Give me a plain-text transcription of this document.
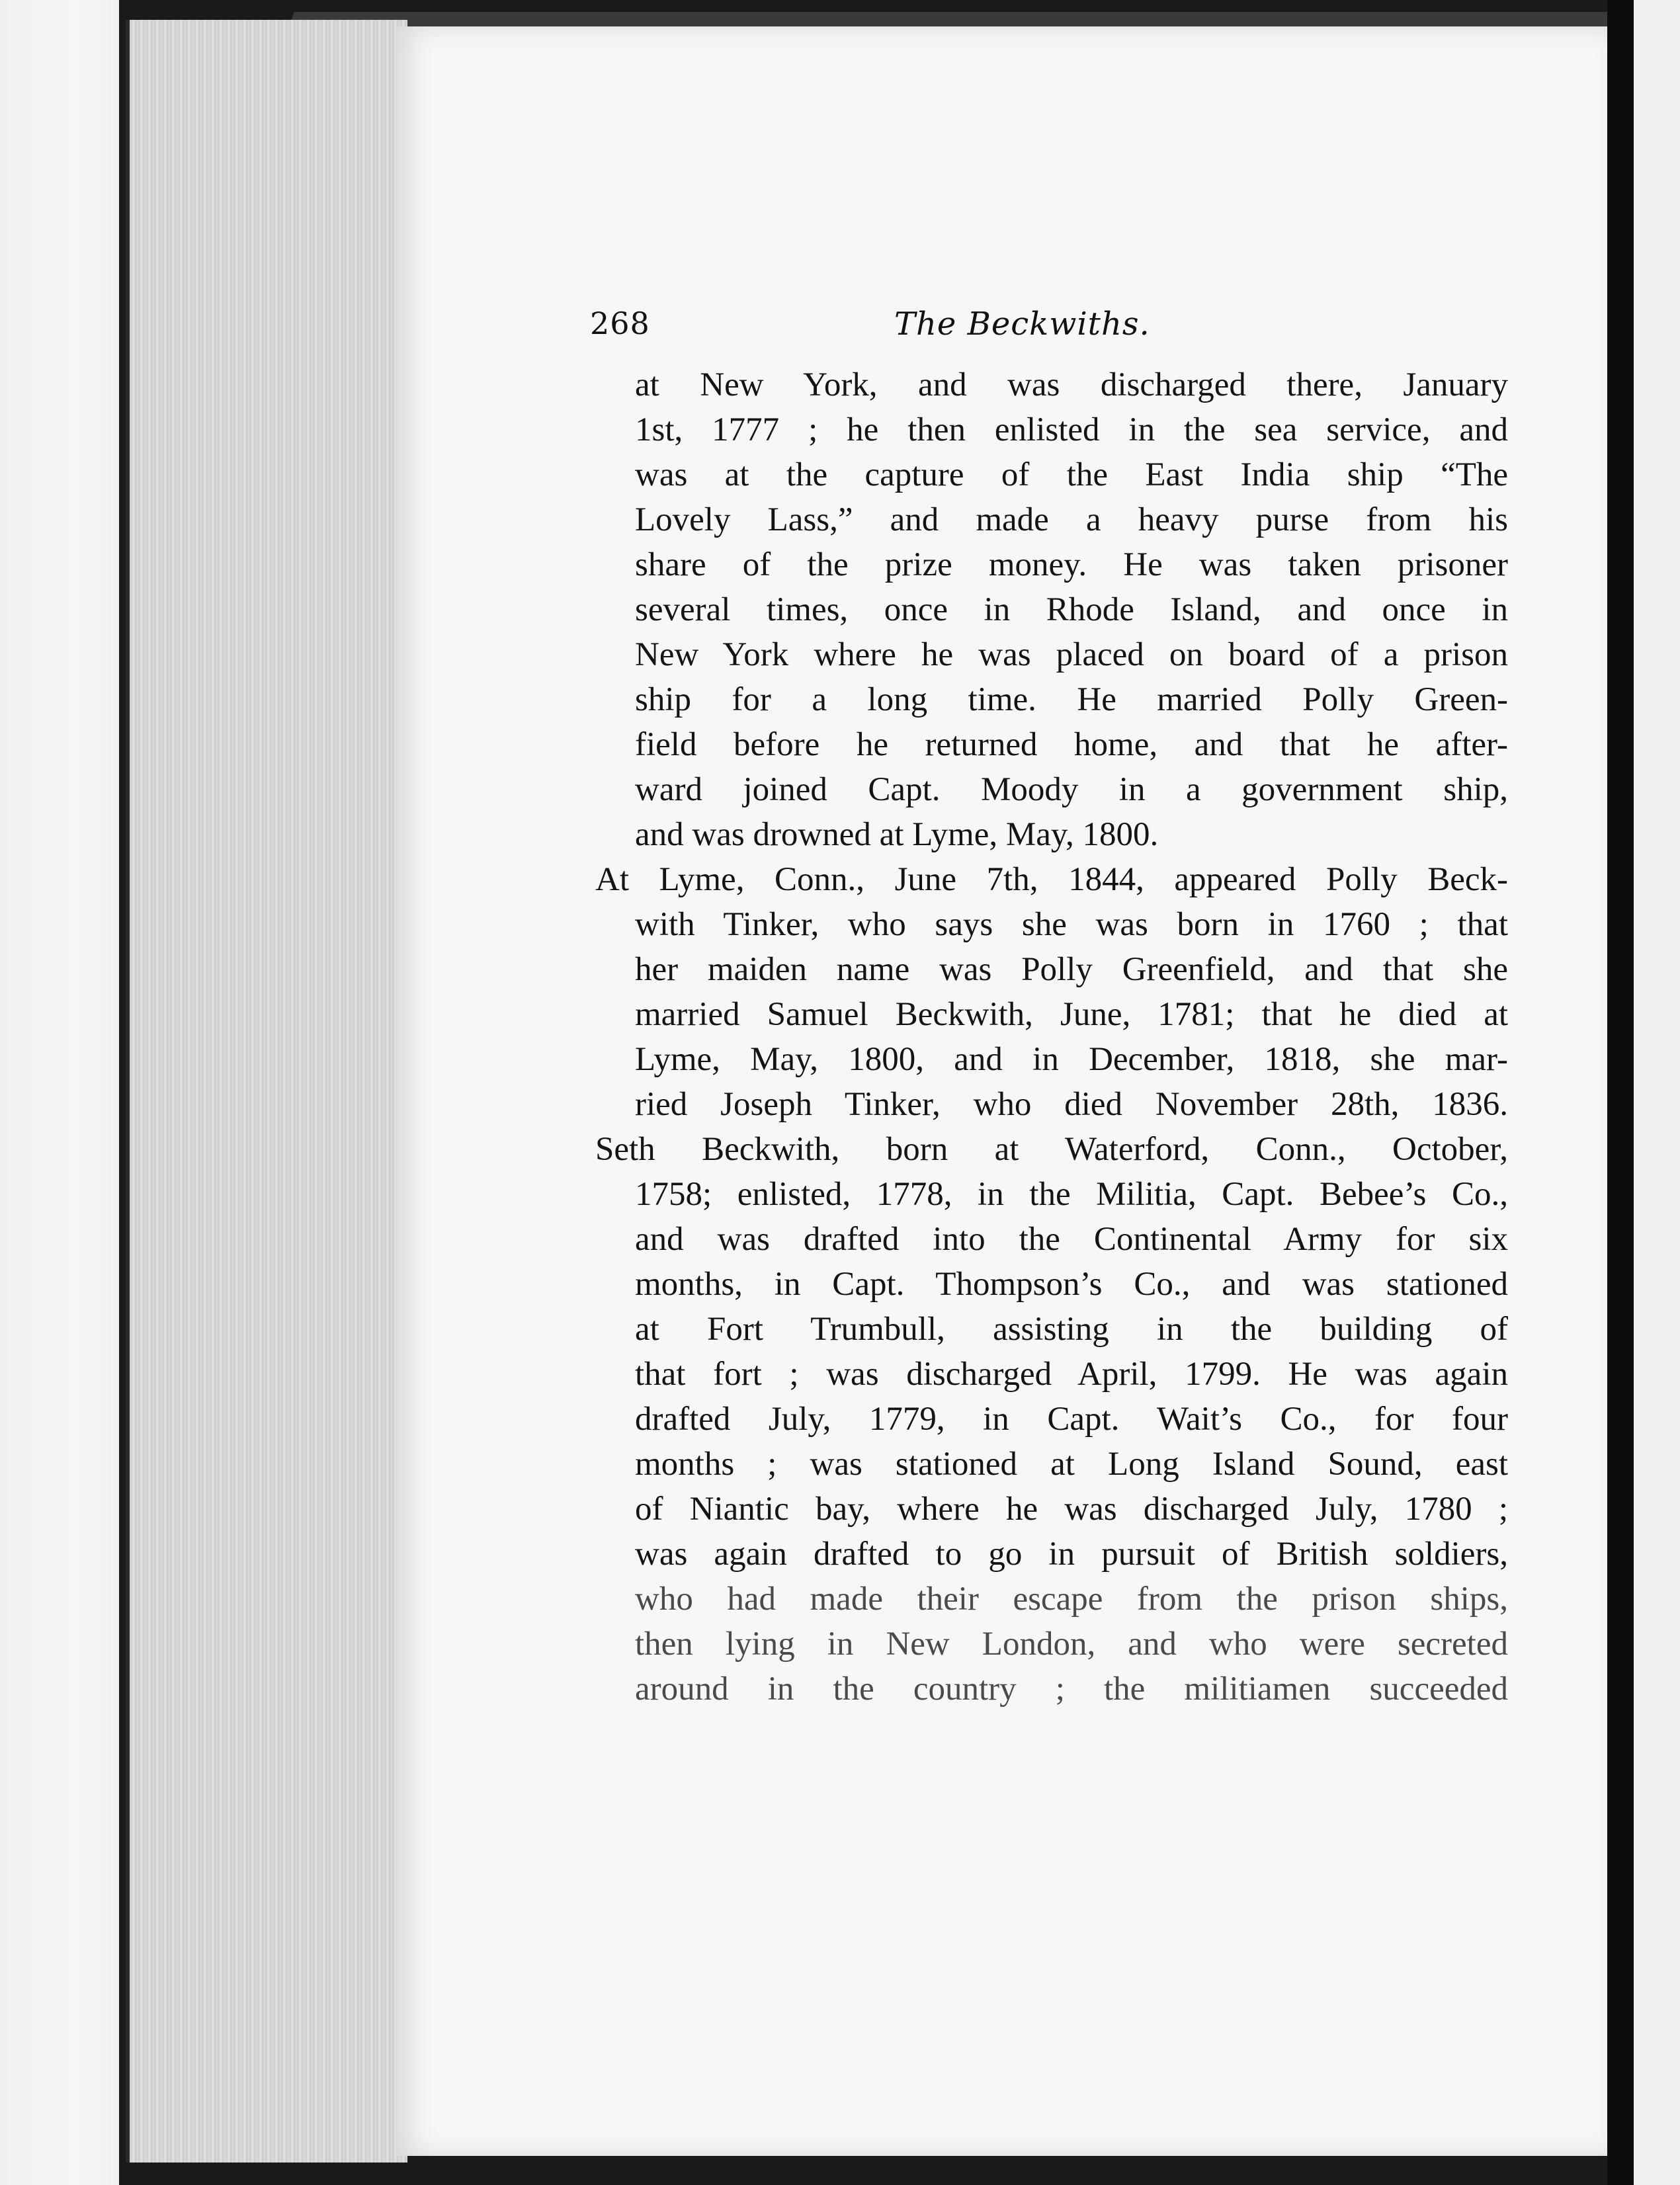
268	The Beckwiths.
at New York, and was discharged there, January
1st, 1777 ; he then enlisted in the sea service, and
was at the capture of the East India ship “The
Lovely Lass,” and made a heavy purse from his
share of the prize money. He was taken prisoner
several times, once in Rhode Island, and once in
New York where he was placed on board of a prison
ship for a long time. He married Polly Green-
field before he returned home, and that he after-
ward joined Capt. Moody in a government ship,
and was drowned at Lyme, May, 1800.
At Lyme, Conn., June 7th, 1844, appeared Polly Beck-
with Tinker, who says she was born in 1760 ; that
her maiden name was Polly Greenfield, and that she
married Samuel Beckwith, June, 1781; that he died at
Lyme, May, 1800, and in December, 1818, she mar-
ried Joseph Tinker, who died November 28th, 1836.
Seth Beckwith, born at Waterford, Conn., October,
1758; enlisted, 1778, in the Militia, Capt. Bebee’s Co.,
and was drafted into the Continental Army for six
months, in Capt. Thompson’s Co., and was stationed
at Fort Trumbull, assisting in the building of
that fort ; was discharged April, 1799. He was again
drafted July, 1779, in Capt. Wait’s Co., for four
months ; was stationed at Long Island Sound, east
of Niantic bay, where he was discharged July, 1780 ;
was again drafted to go in pursuit of British soldiers,
who had made their escape from the prison ships,
then lying in New London, and who were secreted
around in the country ; the militiamen succeeded
